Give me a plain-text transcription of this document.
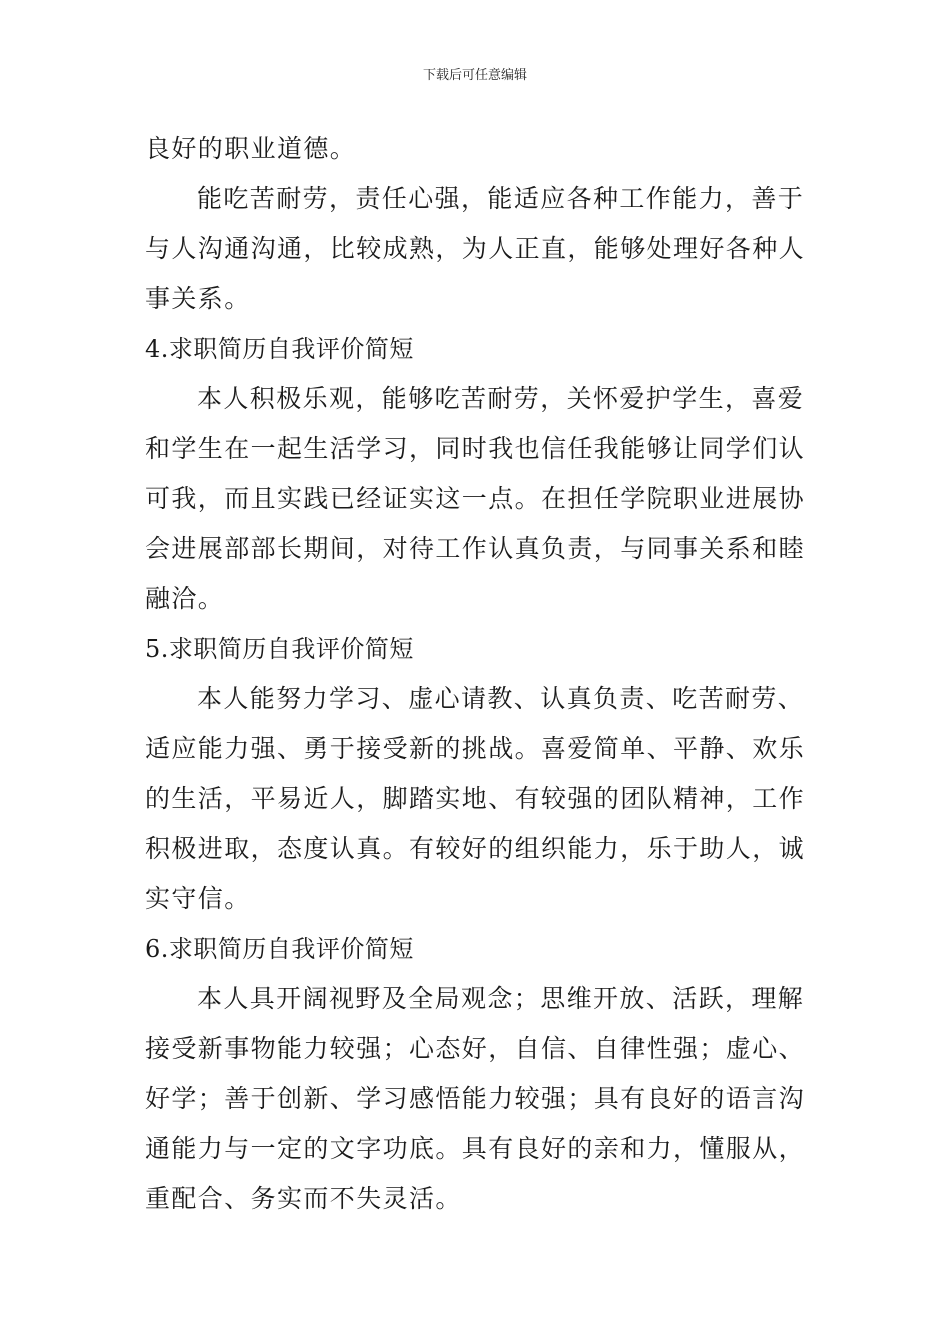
下载后可任意编辑
良好的职业道德。
能吃苦耐劳，责任心强，能适应各种工作能力，善于
与人沟通沟通，比较成熟，为人正直，能够处理好各种人
事关系。
4.求职简历自我评价简短
本人积极乐观，能够吃苦耐劳，关怀爱护学生，喜爱
和学生在一起生活学习，同时我也信任我能够让同学们认
可我，而且实践已经证实这一点。在担任学院职业进展协
会进展部部长期间，对待工作认真负责，与同事关系和睦
融洽。
5.求职简历自我评价简短
本人能努力学习、虚心请教、认真负责、吃苦耐劳、
适应能力强、勇于接受新的挑战。喜爱简单、平静、欢乐
的生活，平易近人，脚踏实地、有较强的团队精神，工作
积极进取，态度认真。有较好的组织能力，乐于助人，诚
实守信。
6.求职简历自我评价简短
本人具开阔视野及全局观念；思维开放、活跃，理解
接受新事物能力较强；心态好，自信、自律性强；虚心、
好学；善于创新、学习感悟能力较强；具有良好的语言沟
通能力与一定的文字功底。具有良好的亲和力，懂服从，
重配合、务实而不失灵活。
